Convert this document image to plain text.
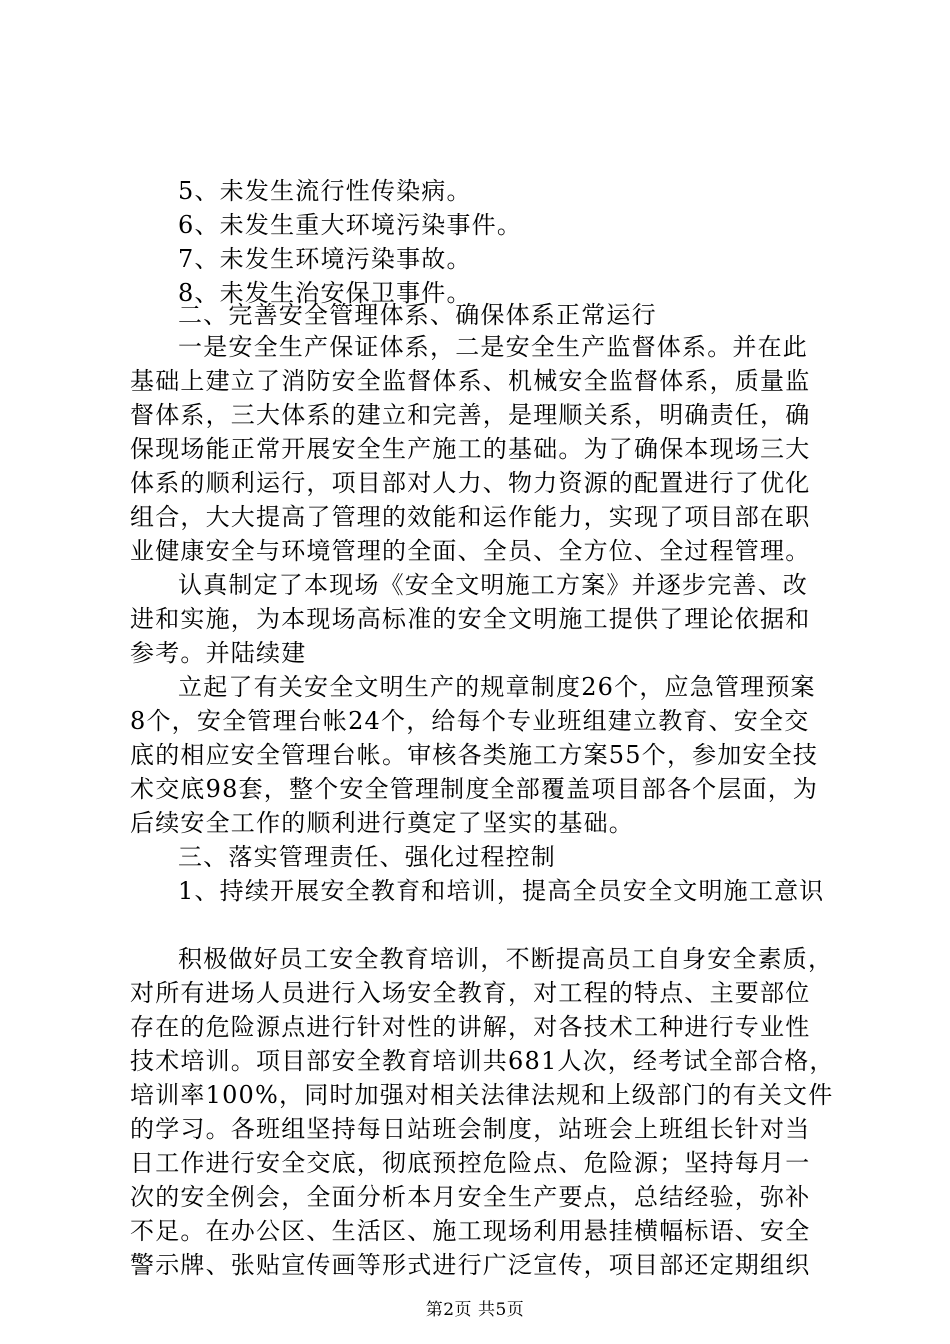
5、未发生流行性传染病。
6、未发生重大环境污染事件。
7、未发生环境污染事故。
8、未发生治安保卫事件。
二、完善安全管理体系、确保体系正常运行
一是安全生产保证体系，二是安全生产监督体系。并在此
基础上建立了消防安全监督体系、机械安全监督体系，质量监
督体系，三大体系的建立和完善，是理顺关系，明确责任，确
保现场能正常开展安全生产施工的基础。为了确保本现场三大
体系的顺利运行，项目部对人力、物力资源的配置进行了优化
组合，大大提高了管理的效能和运作能力，实现了项目部在职
业健康安全与环境管理的全面、全员、全方位、全过程管理。
认真制定了本现场《安全文明施工方案》并逐步完善、改
进和实施，为本现场高标准的安全文明施工提供了理论依据和
参考。并陆续建
立起了有关安全文明生产的规章制度26个，应急管理预案
8个，安全管理台帐24个，给每个专业班组建立教育、安全交
底的相应安全管理台帐。审核各类施工方案55个，参加安全技
术交底98套，整个安全管理制度全部覆盖项目部各个层面，为
后续安全工作的顺利进行奠定了坚实的基础。
三、落实管理责任、强化过程控制
1、持续开展安全教育和培训，提高全员安全文明施工意识
积极做好员工安全教育培训，不断提高员工自身安全素质，
对所有进场人员进行入场安全教育，对工程的特点、主要部位
存在的危险源点进行针对性的讲解，对各技术工种进行专业性
技术培训。项目部安全教育培训共681人次，经考试全部合格，
培训率100%，同时加强对相关法律法规和上级部门的有关文件
的学习。各班组坚持每日站班会制度，站班会上班组长针对当
日工作进行安全交底，彻底预控危险点、危险源；坚持每月一
次的安全例会，全面分析本月安全生产要点，总结经验，弥补
不足。在办公区、生活区、施工现场利用悬挂横幅标语、安全
警示牌、张贴宣传画等形式进行广泛宣传，项目部还定期组织
第2页 共5页
